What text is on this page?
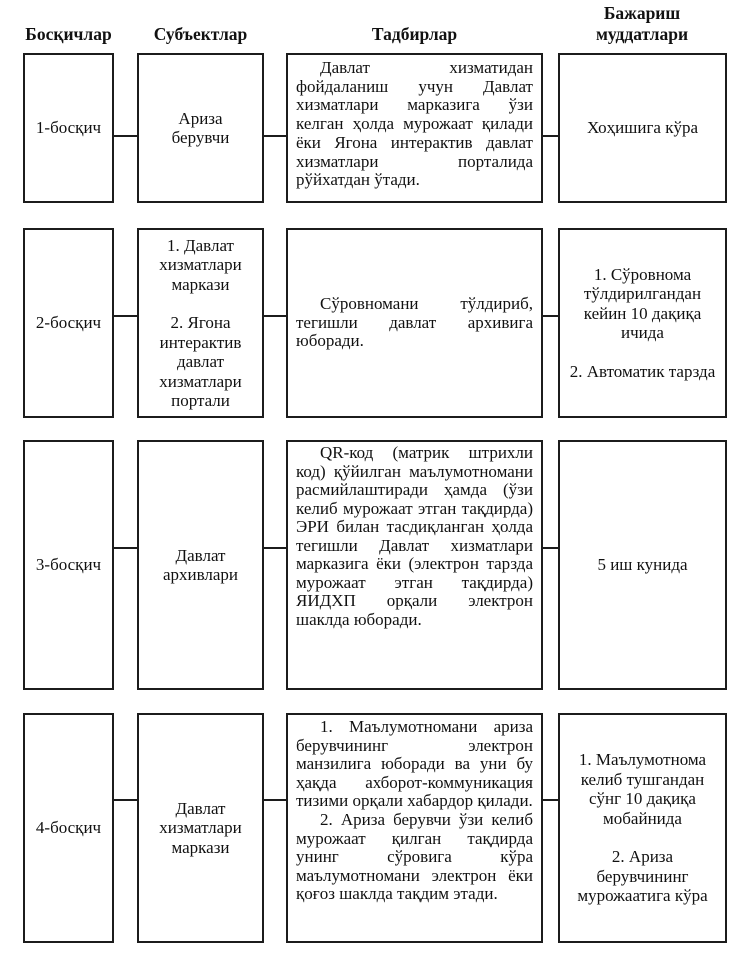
Босқичлар	Субъектлар	Тадбирлар
Бажариш муддатлари
1-босқич
Ариза берувчи
Давлат хизматидан фойдаланиш учун Давлат хизматлари марказига ўзи келган ҳолда мурожаат қилади ёки Ягона интерактив давлат хизматлари порталида рўйхатдан ўтади.
Хоҳишига кўра
2-босқич
1. Давлат хизматлари маркази
2. Ягона интерактив давлат хизматлари портали
Сўровномани тўлдириб, тегишли давлат архивига юборади.
1. Сўровнома тўлдирилгандан кейин 10 дақиқа ичида
2. Автоматик тарзда
3-босқич
Давлат архивлари
QR-код (матрик штрихли код) қўйилган маълумотномани расмийлаштиради ҳамда (ўзи келиб мурожаат этган тақдирда) ЭРИ билан тасдиқланган ҳолда тегишли Давлат хизматлари марказига ёки (электрон тарзда мурожаат этган тақдирда) ЯИДХП орқали электрон шаклда юборади.
5 иш кунида
4-босқич
Давлат хизматлари маркази
1. Маълумотномани ариза берувчининг электрон манзилига юборади ва уни бу ҳақда ахборот-коммуникация тизими орқали хабардор қилади.
2. Ариза берувчи ўзи келиб мурожаат қилган тақдирда унинг сўровига кўра маълумотномани электрон ёки қоғоз шаклда тақдим этади.
1. Маълумотнома келиб тушгандан сўнг 10 дақиқа мобайнида
2. Ариза берувчининг мурожаатига кўра
